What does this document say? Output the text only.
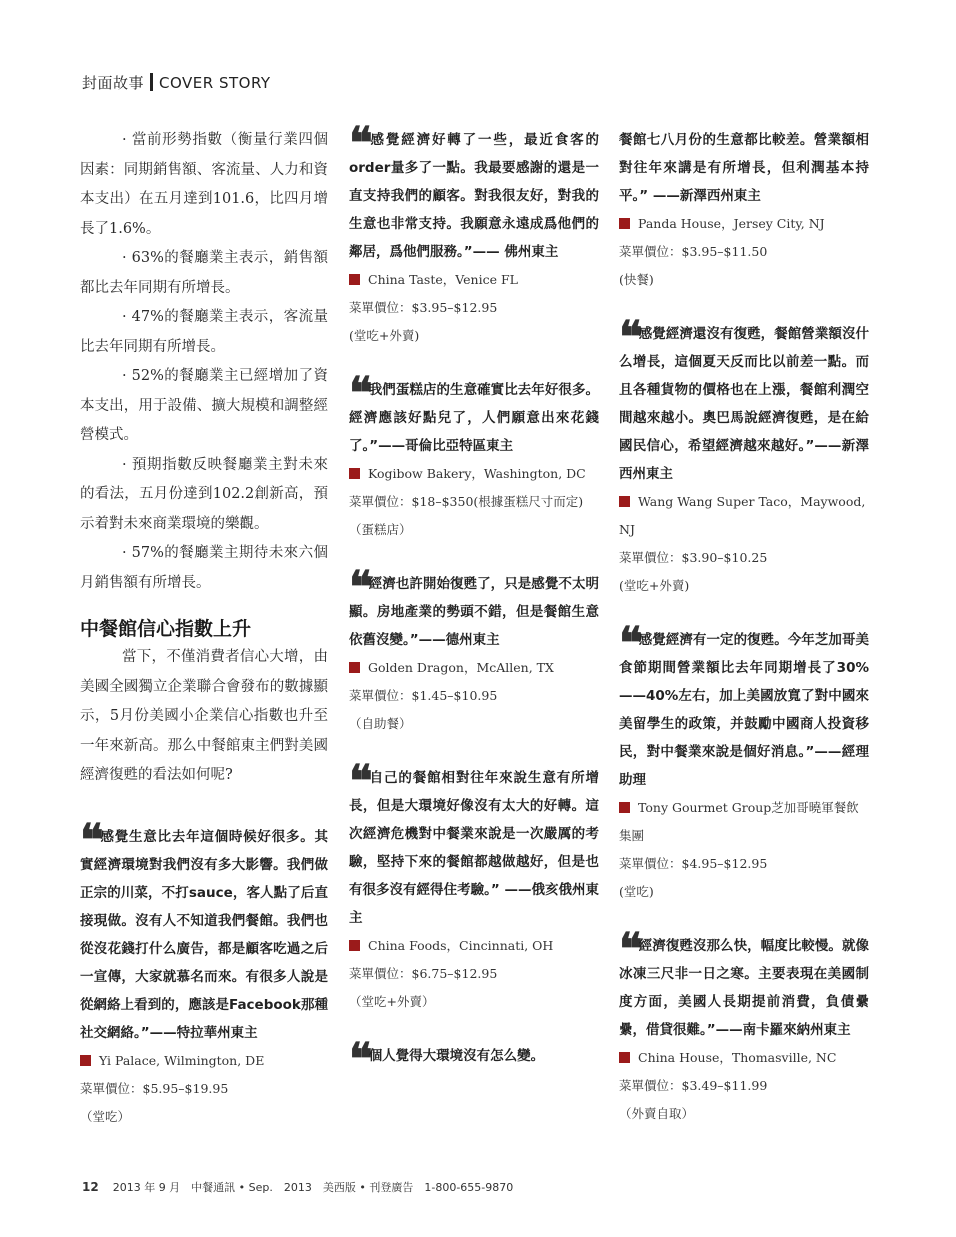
封面故事 COVER STORY

· 當前形勢指數（衡量行業四個因素：同期銷售額、客流量、人力和資本支出）在五月達到101.6，比四月增長了1.6%。

· 63%的餐廳業主表示，銷售額都比去年同期有所增長。

· 47%的餐廳業主表示，客流量比去年同期有所增長。

· 52%的餐廳業主已經增加了資本支出，用于設備、擴大規模和調整經營模式。

· 預期指數反映餐廳業主對未來的看法，五月份達到102.2創新高，預示着對未來商業環境的樂觀。

· 57%的餐廳業主期待未來六個月銷售額有所增長。

中餐館信心指數上升

當下，不僅消費者信心大增，由美國全國獨立企業聯合會發布的數據顯示，5月份美國小企業信心指數也升至一年來新高。那么中餐館東主們對美國經濟復甦的看法如何呢?

❝ 感覺生意比去年這個時候好很多。其實經濟環境對我們沒有多大影響。我們做正宗的川菜，不打sauce，客人點了后直接現做。沒有人不知道我們餐館。我們也從沒花錢打什么廣告，都是顧客吃過之后一宣傳，大家就慕名而來。有很多人說是從網絡上看到的，應該是Facebook那種社交網絡。”——特拉華州東主

Yi Palace, Wilmington, DE

菜單價位：$5.95–$19.95

（堂吃）

❝ 感覺經濟好轉了一些，最近食客的order量多了一點。我最要感謝的還是一直支持我們的顧客。對我很友好，對我的生意也非常支持。我願意永遠成爲他們的鄰居，爲他們服務。”—— 佛州東主

China Taste，Venice FL

菜單價位：$3.95–$12.95

(堂吃+外賣)

❝ 我們蛋糕店的生意確實比去年好很多。經濟應該好點兒了，人們願意出來花錢了。”——哥倫比亞特區東主

Kogibow Bakery，Washington, DC

菜單價位：$18–$350(根據蛋糕尺寸而定)

（蛋糕店）

❝ 經濟也許開始復甦了，只是感覺不太明顯。房地產業的勢頭不錯，但是餐館生意依舊沒變。”——德州東主

Golden Dragon，McAllen, TX

菜單價位：$1.45–$10.95

（自助餐）

❝ 自己的餐館相對往年來說生意有所增長，但是大環境好像沒有太大的好轉。這次經濟危機對中餐業來說是一次嚴厲的考驗，堅持下來的餐館都越做越好，但是也有很多沒有經得住考驗。” ——俄亥俄州東主

China Foods，Cincinnati, OH

菜單價位：$6.75–$12.95

（堂吃+外賣）

❝ 個人覺得大環境沒有怎么變。

餐館七八月份的生意都比較差。營業額相對往年來講是有所增長，但利潤基本持平。” ——新澤西州東主

Panda House，Jersey City, NJ

菜單價位：$3.95–$11.50

(快餐)

❝ 感覺經濟還沒有復甦，餐館營業額沒什么增長，這個夏天反而比以前差一點。而且各種貨物的價格也在上漲，餐館利潤空間越來越小。奧巴馬說經濟復甦，是在給國民信心，希望經濟越來越好。”——新澤西州東主

Wang Wang Super Taco，Maywood, NJ

菜單價位：$3.90–$10.25

(堂吃+外賣)

❝ 感覺經濟有一定的復甦。今年芝加哥美食節期間營業額比去年同期增長了30%——40%左右，加上美國放寬了對中國來美留學生的政策，并鼓勵中國商人投資移民，對中餐業來說是個好消息。”——經理助理

Tony Gourmet Group芝加哥曉軍餐飲集團

菜單價位：$4.95–$12.95

(堂吃)

❝ 經濟復甦沒那么快，幅度比較慢。就像冰凍三尺非一日之寒。主要表現在美國制度方面，美國人長期提前消費，負債纍纍，借貸很難。”——南卡羅來納州東主

China House，Thomasville, NC

菜單價位：$3.49–$11.99

（外賣自取）

12 2013 年 9 月　中餐通訊 • Sep.　2013　美西版 • 刊登廣告　1-800-655-9870
